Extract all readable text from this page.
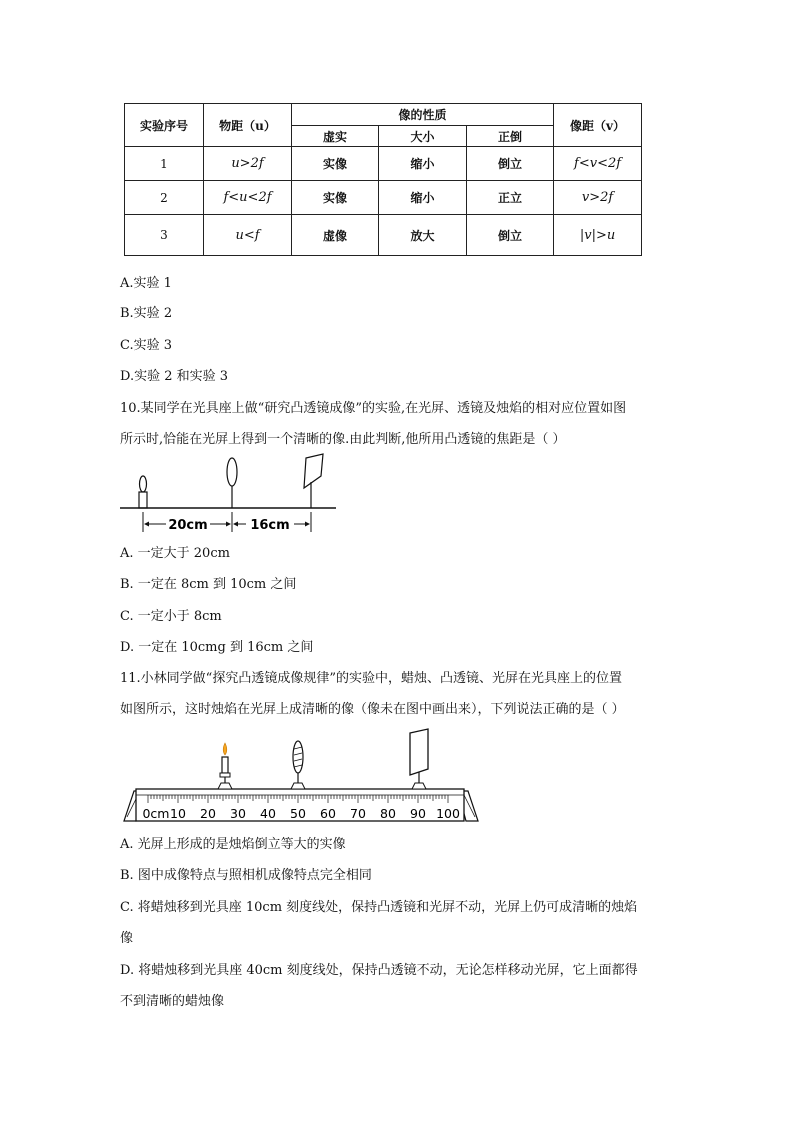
实验序号	物距（u）	像的性质			像距（v）
		虚实	大小	正倒	
1	u>2f	实像	缩小	倒立	f<v<2f
2	f<u<2f	实像	缩小	正立	v>2f
3	u<f	虚像	放大	倒立	|v|>u
A.实验 1
B.实验 2
C.实验 3
D.实验 2 和实验 3
10.某同学在光具座上做“研究凸透镜成像”的实验,在光屏、透镜及烛焰的相对应位置如图
所示时,恰能在光屏上得到一个清晰的像.由此判断,他所用凸透镜的焦距是（ ）
20cm	16cm
A. 一定大于 20cm
B. 一定在 8cm 到 10cm 之间
C. 一定小于 8cm
D. 一定在 10cmg 到 16cm 之间
11.小林同学做“探究凸透镜成像规律”的实验中，蜡烛、凸透镜、光屏在光具座上的位置
如图所示，这时烛焰在光屏上成清晰的像（像未在图中画出来），下列说法正确的是（ ）
0cm 10 20 30 40 50 60 70 80 90 100
A. 光屏上形成的是烛焰倒立等大的实像
B. 图中成像特点与照相机成像特点完全相同
C. 将蜡烛移到光具座 10cm 刻度线处，保持凸透镜和光屏不动，光屏上仍可成清晰的烛焰
像
D. 将蜡烛移到光具座 40cm 刻度线处，保持凸透镜不动，无论怎样移动光屏，它上面都得
不到清晰的蜡烛像
